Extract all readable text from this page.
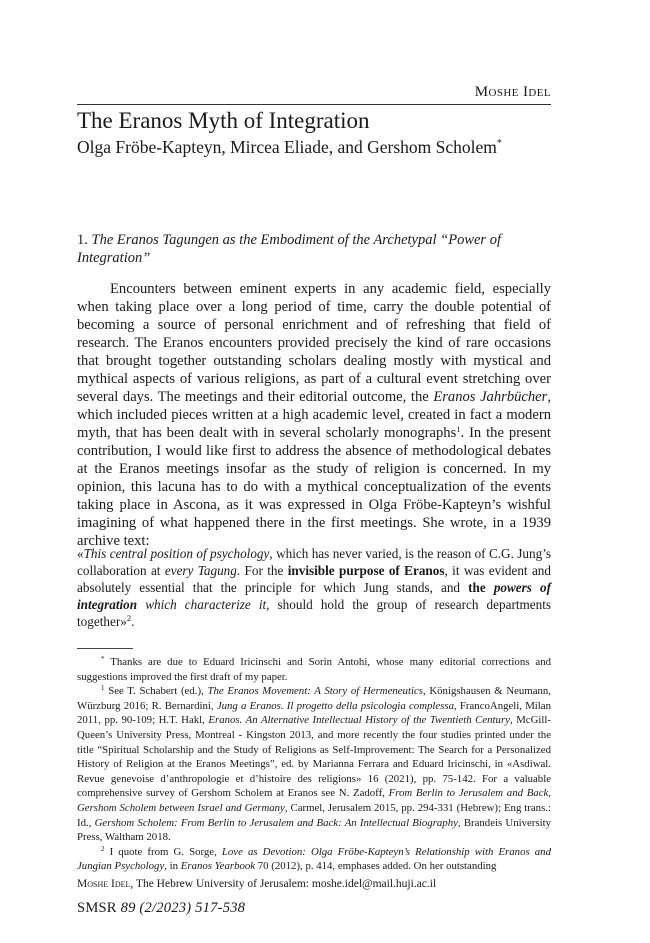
Moshe Idel
The Eranos Myth of Integration
Olga Fröbe-Kapteyn, Mircea Eliade, and Gershom Scholem*
1. The Eranos Tagungen as the Embodiment of the Archetypal “Power of Integration”

Encounters between eminent experts in any academic field, especially when taking place over a long period of time, carry the double potential of becoming a source of personal enrichment and of refreshing that field of research. The Eranos encounters provided precisely the kind of rare occasions that brought together outstanding scholars dealing mostly with mystical and mythical aspects of various religions, as part of a cultural event stretching over several days. The meetings and their editorial outcome, the Eranos Jahrbücher, which included pieces written at a high academic level, created in fact a modern myth, that has been dealt with in several scholarly monographs$^1$. In the present contribution, I would like first to address the absence of methodological debates at the Eranos meetings insofar as the study of religion is concerned. In my opinion, this lacuna has to do with a mythical conceptualization of the events taking place in Ascona, as it was expressed in Olga Fröbe-Kapteyn’s wishful imagining of what happened there in the first meetings. She wrote, in a 1939 archive text:

«This central position of psychology, which has never varied, is the reason of C.G. Jung’s collaboration at every Tagung. For the invisible purpose of Eranos, it was evident and absolutely essential that the principle for which Jung stands, and the powers of integration which characterize it, should hold the group of research departments together»$^2$.

* Thanks are due to Eduard Iricinschi and Sorin Antohi, whose many editorial corrections and suggestions improved the first draft of my paper.

$^1$ See T. Schabert (ed.), The Eranos Movement: A Story of Hermeneutics, Königshausen & Neumann, Würzburg 2016; R. Bernardini, Jung a Eranos. Il progetto della psicologia complessa, FrancoAngeli, Milan 2011, pp. 90-109; H.T. Hakl, Eranos. An Alternative Intellectual History of the Twentieth Century, McGill-Queen’s University Press, Montreal - Kingston 2013, and more recently the four studies printed under the title “Spiritual Scholarship and the Study of Religions as Self-Improvement: The Search for a Personalized History of Religion at the Eranos Meetings”, ed. by Marianna Ferrara and Eduard Iricinschi, in «Asdiwal. Revue genevoise d’anthropologie et d’histoire des religions» 16 (2021), pp. 75-142. For a valuable comprehensive survey of Gershom Scholem at Eranos see N. Zadoff, From Berlin to Jerusalem and Back, Gershom Scholem between Israel and Germany, Carmel, Jerusalem 2015, pp. 294-331 (Hebrew); Eng trans.: Id., Gershom Scholem: From Berlin to Jerusalem and Back: An Intellectual Biography, Brandeis University Press, Waltham 2018.

$^2$ I quote from G. Sorge, Love as Devotion: Olga Fröbe-Kapteyn’s Relationship with Eranos and Jungian Psychology, in Eranos Yearbook 70 (2012), p. 414, emphases added. On her outstanding

Moshe Idel, The Hebrew University of Jerusalem: moshe.idel@mail.huji.ac.il
SMSR 89 (2/2023) 517-538
